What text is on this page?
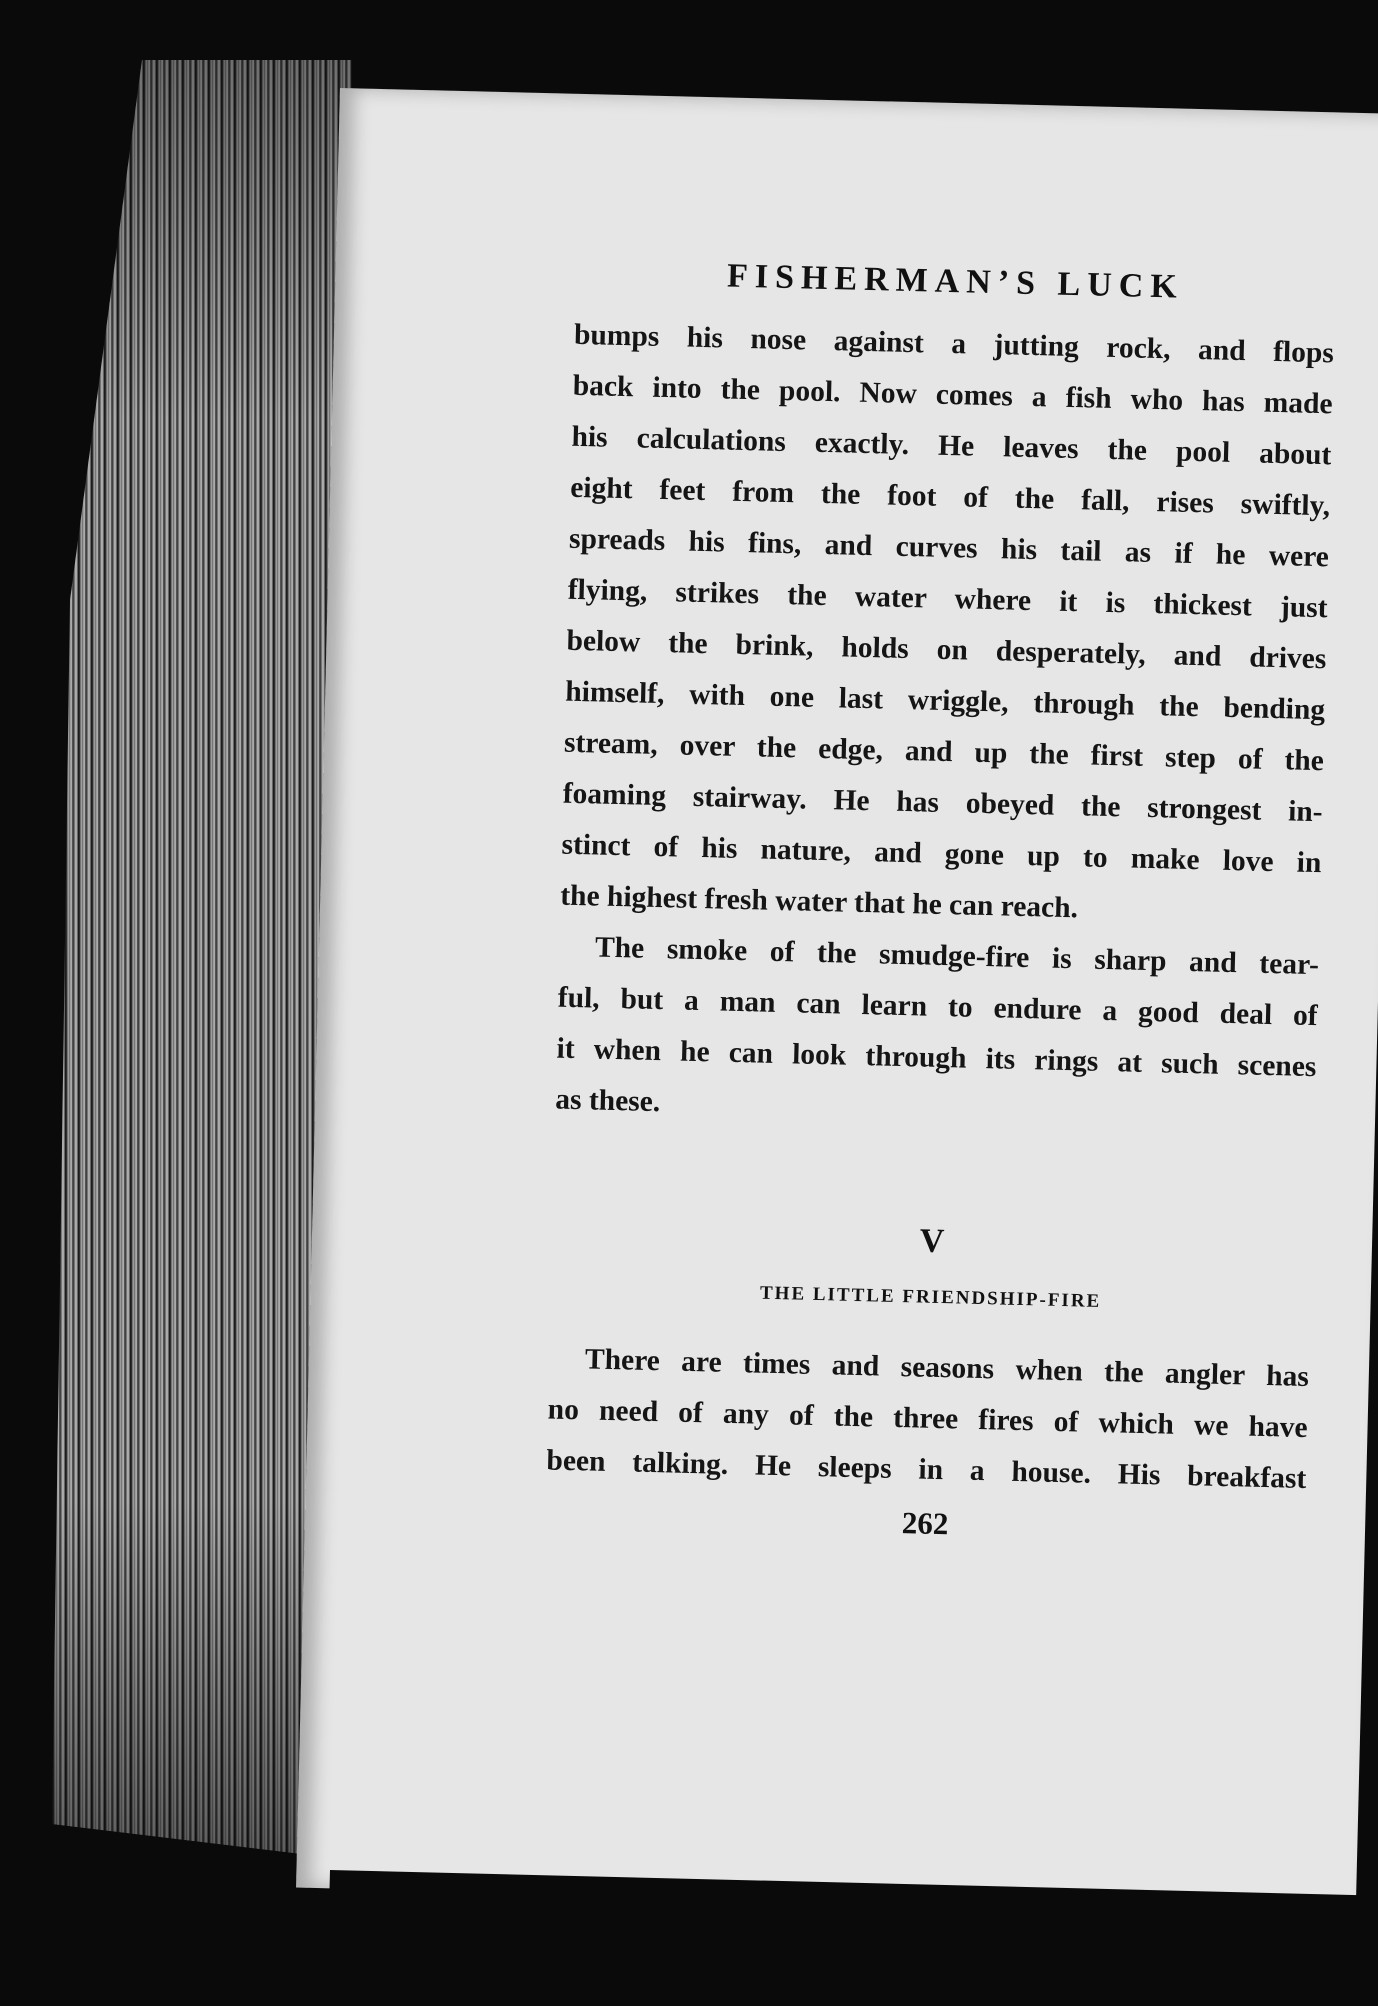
FISHERMAN’S LUCK
bumps his nose against a jutting rock, and flops
back into the pool. Now comes a fish who has made
his calculations exactly. He leaves the pool about
eight feet from the foot of the fall, rises swiftly,
spreads his fins, and curves his tail as if he were
flying, strikes the water where it is thickest just
below the brink, holds on desperately, and drives
himself, with one last wriggle, through the bending
stream, over the edge, and up the first step of the
foaming stairway. He has obeyed the strongest in-
stinct of his nature, and gone up to make love in
the highest fresh water that he can reach.
The smoke of the smudge-fire is sharp and tear-
ful, but a man can learn to endure a good deal of
it when he can look through its rings at such scenes
as these.
V
THE LITTLE FRIENDSHIP-FIRE
There are times and seasons when the angler has
no need of any of the three fires of which we have
been talking. He sleeps in a house. His breakfast
262
